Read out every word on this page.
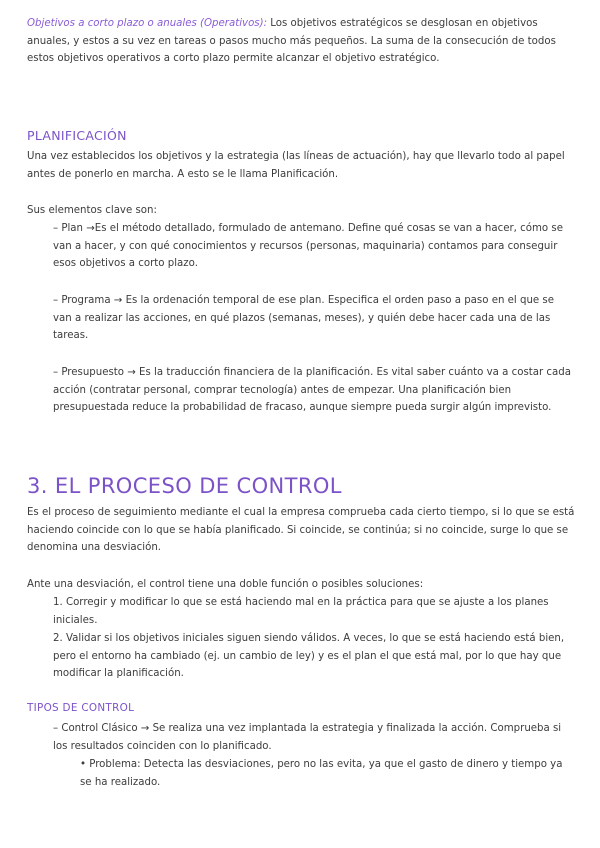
Objetivos a corto plazo o anuales (Operativos): Los objetivos estratégicos se desglosan en objetivos anuales, y estos a su vez en tareas o pasos mucho más pequeños. La suma de la consecución de todos estos objetivos operativos a corto plazo permite alcanzar el objetivo estratégico.

PLANIFICACIÓN

Una vez establecidos los objetivos y la estrategia (las líneas de actuación), hay que llevarlo todo al papel antes de ponerlo en marcha. A esto se le llama Planificación.

Sus elementos clave son:

– Plan →Es el método detallado, formulado de antemano. Define qué cosas se van a hacer, cómo se van a hacer, y con qué conocimientos y recursos (personas, maquinaria) contamos para conseguir esos objetivos a corto plazo.

– Programa → Es la ordenación temporal de ese plan. Especifica el orden paso a paso en el que se van a realizar las acciones, en qué plazos (semanas, meses), y quién debe hacer cada una de las tareas.

– Presupuesto → Es la traducción financiera de la planificación. Es vital saber cuánto va a costar cada acción (contratar personal, comprar tecnología) antes de empezar. Una planificación bien presupuestada reduce la probabilidad de fracaso, aunque siempre pueda surgir algún imprevisto.

3. EL PROCESO DE CONTROL

Es el proceso de seguimiento mediante el cual la empresa comprueba cada cierto tiempo, si lo que se está haciendo coincide con lo que se había planificado. Si coincide, se continúa; si no coincide, surge lo que se denomina una desviación.

Ante una desviación, el control tiene una doble función o posibles soluciones:

1. Corregir y modificar lo que se está haciendo mal en la práctica para que se ajuste a los planes iniciales.

2. Validar si los objetivos iniciales siguen siendo válidos. A veces, lo que se está haciendo está bien, pero el entorno ha cambiado (ej. un cambio de ley) y es el plan el que está mal, por lo que hay que modificar la planificación.

TIPOS DE CONTROL

– Control Clásico → Se realiza una vez implantada la estrategia y finalizada la acción. Comprueba si los resultados coinciden con lo planificado.

• Problema: Detecta las desviaciones, pero no las evita, ya que el gasto de dinero y tiempo ya se ha realizado.
